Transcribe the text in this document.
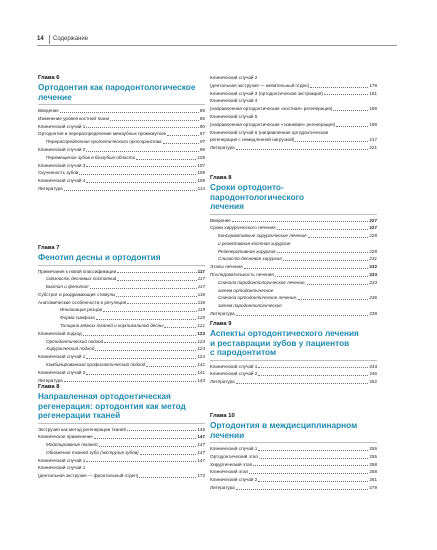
14 Содержание
Глава 6
Ортодонтия как пародонтологическое
лечение
Введение	89
Изменение уровня костной ткани	89
Клинический случай 1	90
Ортодонтия и перераспределение межзубных промежутков	97
Перераспределение протетического пространства	97
Клинический случай 2	99
Перемещение зубов в беззубые области	105
Клинический случай 3	107
Скученность зубов	109
Клинический случай 4	109
Литература	114
Глава 7
Фенотип десны и ортодонтия
Примечания к новой классификации	117
Связность десневых состояний	117
Биотип и фенотип	117
Субстрат и раздражающие стимулы	119
Анатомические особенности и регуляция	119
Инклинация резцов	119
Форма симфиза	120
Толщина мягких тканей и кортикальной десны	121
Клинический подход	123
Ортодонтический подход	124
Хирургический подход	124
Клинический случай 1	124
Комбинированный профилактический подход	141
Клинический случай 2	141
Литература	143
Глава 8
Направленная ортодонтическая
регенерация: ортодонтия как метод
регенерации тканей
Экструзия как метод регенерации тканей	145
Клиническое применение	147
Моделирование тканей	147
Обнажение тканей зуба (экструзия зубов)	147
Клинический случай 1	147
Клинический случай 1
(дентальная экструзия — фронтальный отдел)	172
Клинический случай 2
(дентальная экструзия — жевательный отдел)	178
Клинический случай 3 (ортодонтическая экстракция)	181
Клинический случай 4
(направленная ортодонтическая «костная» регенерация)	186
Клинический случай 5
(направленная ортодонтическая «тканевая» регенерация)	198
Клинический случай 6 (направленная ортодонтическая
регенерация с немедленной нагрузкой)	217
Литература	221
Глава 8
Сроки ортодонто-пародонтологического
лечения
Введение	227
Сроки хирургического лечения	227
Консервативные хирургические лечение	228
и резективная костная хирургия
Регенеративная хирургия	228
Слизисто-десневая хирургия	231
Этапы лечения	232
Последовательность лечения	233
Сначала пародонтологическое лечение,	233
затем ортодонтическое
Сначала ортодонтическое лечение,	236
затем пародонтологическое
Литература	239
Глава 9
Аспекты ортодонтического лечения
и реставрации зубов у пациентов
с пародонтитом
Клинический случай 1	243
Клинический случай 2	246
Литература	252
Глава 10
Ортодонтия в междисциплинарном
лечении
Клинический случай 1	255
Ортодонтический этап	255
Хирургический этап	258
Клинический этап	258
Клинический случай 2	261
Литература	279
